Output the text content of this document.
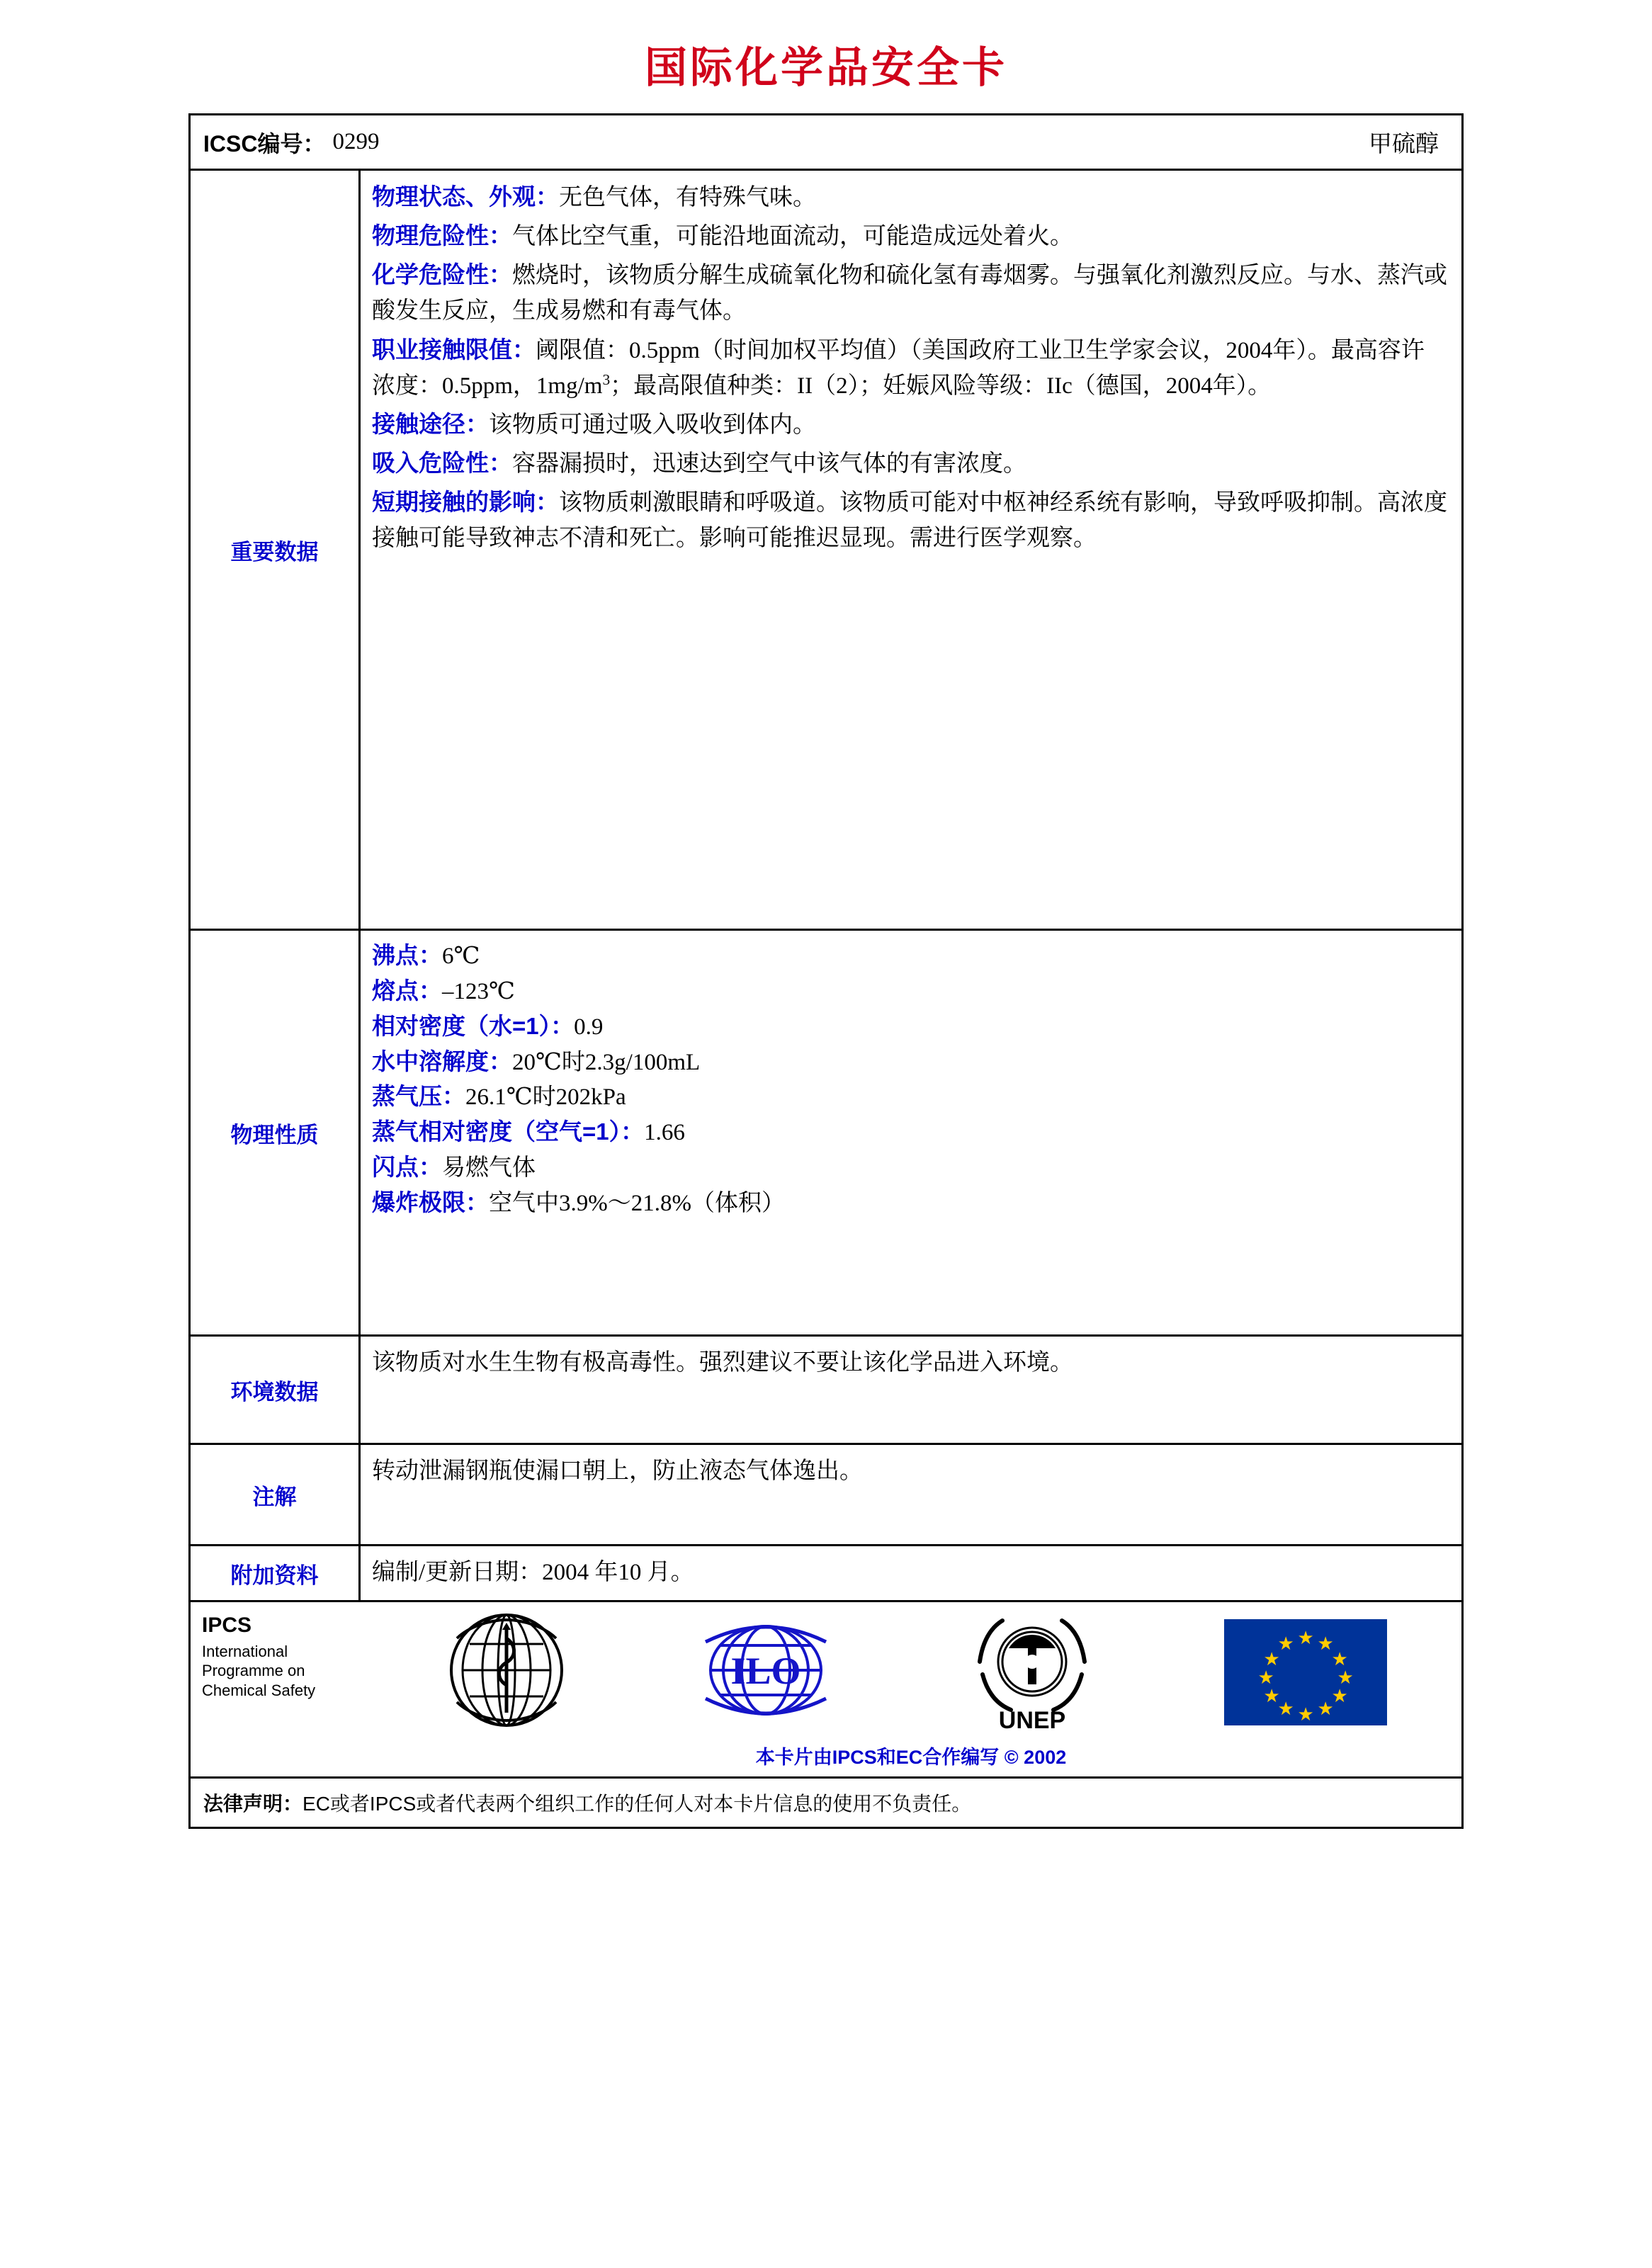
国际化学品安全卡
ICSC编号： 0299	甲硫醇
重要数据

物理状态、外观：无色气体，有特殊气味。

物理危险性：气体比空气重，可能沿地面流动，可能造成远处着火。

化学危险性：燃烧时，该物质分解生成硫氧化物和硫化氢有毒烟雾。与强氧化剂激烈反应。与水、蒸汽或酸发生反应，生成易燃和有毒气体。

职业接触限值：阈限值：0.5ppm（时间加权平均值）（美国政府工业卫生学家会议，2004年）。最高容许浓度：0.5ppm，$1mg/m^3$；最高限值种类：II（2）；妊娠风险等级：IIc（德国，2004年）。

接触途径：该物质可通过吸入吸收到体内。

吸入危险性：容器漏损时，迅速达到空气中该气体的有害浓度。

短期接触的影响：该物质刺激眼睛和呼吸道。该物质可能对中枢神经系统有影响，导致呼吸抑制。高浓度接触可能导致神志不清和死亡。影响可能推迟显现。需进行医学观察。

物理性质

沸点：6℃

熔点：–123℃

相对密度（水=1）：0.9

水中溶解度：20℃时2.3g/100mL

蒸气压：26.1℃时202kPa

蒸气相对密度（空气=1）：1.66

闪点：易燃气体

爆炸极限：空气中3.9%～21.8%（体积）

环境数据
该物质对水生生物有极高毒性。强烈建议不要让该化学品进入环境。
注解
转动泄漏钢瓶使漏口朝上，防止液态气体逸出。
附加资料	编制/更新日期：2004 年10 月。
IPCS
International
Programme on
Chemical Safety	ILO
UNEP
★
★ ★
★	★
★	★
★	★
★ ★
★
本卡片由IPCS和EC合作编写 © 2002
法律声明：EC或者IPCS或者代表两个组织工作的任何人对本卡片信息的使用不负责任。
